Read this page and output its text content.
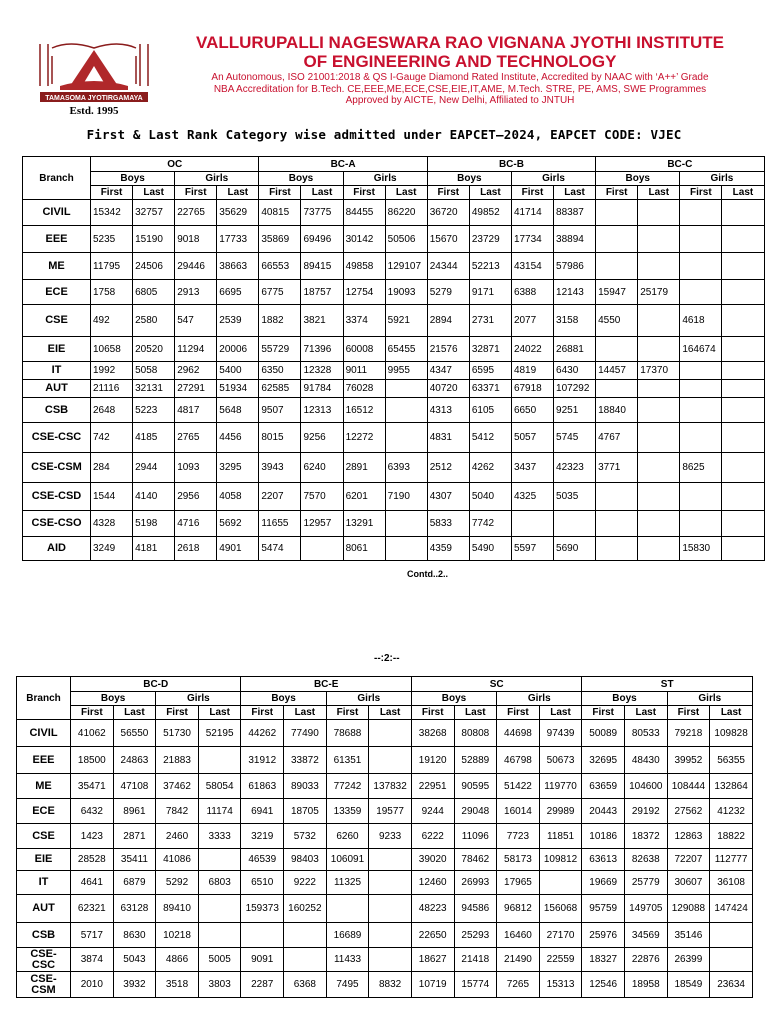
TAMASOMA JYOTIRGAMAYA
Estd. 1995
VALLURUPALLI NAGESWARA RAO VIGNANA JYOTHI INSTITUTE
OF ENGINEERING AND TECHNOLOGY
An Autonomous, ISO 21001:2018 & QS I-Gauge Diamond Rated Institute, Accredited by NAAC with ‘A++’ Grade
NBA Accreditation for B.Tech. CE,EEE,ME,ECE,CSE,EIE,IT,AME, M.Tech. STRE, PE, AMS, SWE Programmes
Approved by AICTE, New Delhi, Affiliated to JNTUH
First & Last Rank Category wise admitted under EAPCET–2024, EAPCET CODE: VJEC
Branch	OC				BC-A				BC-B				BC-C			
	Boys		Girls		Boys		Girls		Boys		Girls		Boys		Girls	
	First	Last	First	Last	First	Last	First	Last	First	Last	First	Last	First	Last	First	Last
CIVIL	15342	32757	22765	35629	40815	73775	84455	86220	36720	49852	41714	88387				
EEE	5235	15190	9018	17733	35869	69496	30142	50506	15670	23729	17734	38894				
ME	11795	24506	29446	38663	66553	89415	49858	129107	24344	52213	43154	57986				
ECE	1758	6805	2913	6695	6775	18757	12754	19093	5279	9171	6388	12143	15947	25179		
CSE	492	2580	547	2539	1882	3821	3374	5921	2894	2731	2077	3158	4550		4618	
EIE	10658	20520	11294	20006	55729	71396	60008	65455	21576	32871	24022	26881			164674	
IT	1992	5058	2962	5400	6350	12328	9011	9955	4347	6595	4819	6430	14457	17370		
AUT	21116	32131	27291	51934	62585	91784	76028		40720	63371	67918	107292				
CSB	2648	5223	4817	5648	9507	12313	16512		4313	6105	6650	9251	18840			
CSE-CSC	742	4185	2765	4456	8015	9256	12272		4831	5412	5057	5745	4767			
CSE-CSM	284	2944	1093	3295	3943	6240	2891	6393	2512	4262	3437	42323	3771		8625	
CSE-CSD	1544	4140	2956	4058	2207	7570	6201	7190	4307	5040	4325	5035				
CSE-CSO	4328	5198	4716	5692	11655	12957	13291		5833	7742						
AID	3249	4181	2618	4901	5474		8061		4359	5490	5597	5690			15830	
Contd..2..
--:2:--
Branch	BC-D				BC-E				SC				ST			
	Boys		Girls		Boys		Girls		Boys		Girls		Boys		Girls	
	First	Last	First	Last	First	Last	First	Last	First	Last	First	Last	First	Last	First	Last
CIVIL	41062	56550	51730	52195	44262	77490	78688		38268	80808	44698	97439	50089	80533	79218	109828
EEE	18500	24863	21883		31912	33872	61351		19120	52889	46798	50673	32695	48430	39952	56355
ME	35471	47108	37462	58054	61863	89033	77242	137832	22951	90595	51422	119770	63659	104600	108444	132864
ECE	6432	8961	7842	11174	6941	18705	13359	19577	9244	29048	16014	29989	20443	29192	27562	41232
CSE	1423	2871	2460	3333	3219	5732	6260	9233	6222	11096	7723	11851	10186	18372	12863	18822
EIE	28528	35411	41086		46539	98403	106091		39020	78462	58173	109812	63613	82638	72207	112777
IT	4641	6879	5292	6803	6510	9222	11325		12460	26993	17965		19669	25779	30607	36108
AUT	62321	63128	89410		159373	160252			48223	94586	96812	156068	95759	149705	129088	147424
CSB	5717	8630	10218				16689		22650	25293	16460	27170	25976	34569	35146	
CSE-CSC	3874	5043	4866	5005	9091		11433		18627	21418	21490	22559	18327	22876	26399	
CSE-CSM	2010	3932	3518	3803	2287	6368	7495	8832	10719	15774	7265	15313	12546	18958	18549	23634
